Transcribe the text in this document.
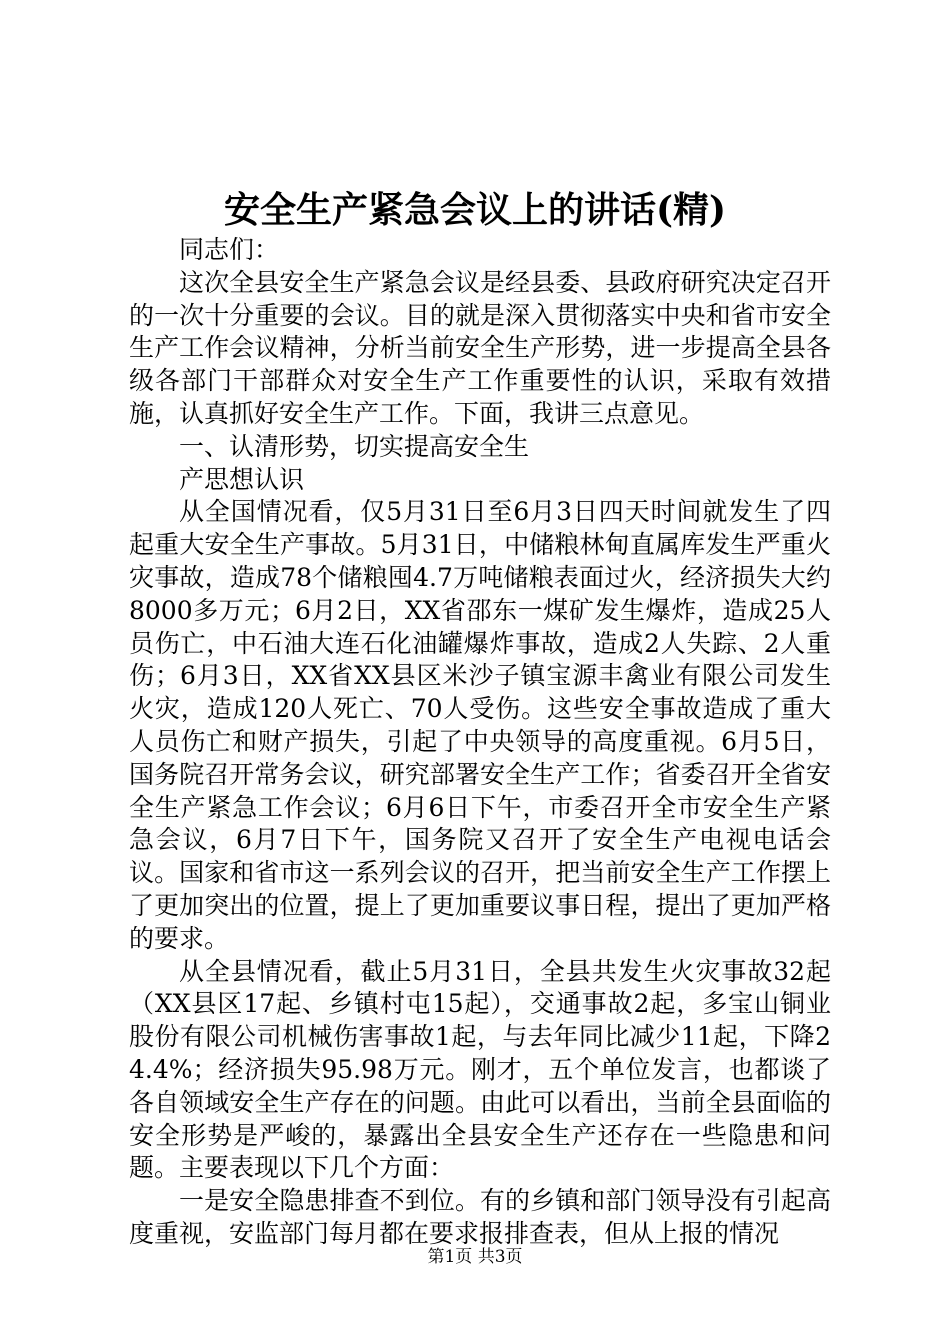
安全生产紧急会议上的讲话(精)

同志们：

这次全县安全生产紧急会议是经县委、县政府研究决定召开的一次十分重要的会议。目的就是深入贯彻落实中央和省市安全生产工作会议精神，分析当前安全生产形势，进一步提高全县各级各部门干部群众对安全生产工作重要性的认识，采取有效措施，认真抓好安全生产工作。下面，我讲三点意见。

一、认清形势，切实提高安全生

产思想认识

从全国情况看，仅5月31日至6月3日四天时间就发生了四起重大安全生产事故。5月31日，中储粮林甸直属库发生严重火灾事故，造成78个储粮囤4.7万吨储粮表面过火，经济损失大约8000多万元；6月2日，XX省邵东一煤矿发生爆炸，造成25人员伤亡，中石油大连石化油罐爆炸事故，造成2人失踪、2人重伤；6月3日，XX省XX县区米沙子镇宝源丰禽业有限公司发生火灾，造成120人死亡、70人受伤。这些安全事故造成了重大人员伤亡和财产损失，引起了中央领导的高度重视。6月5日，国务院召开常务会议，研究部署安全生产工作；省委召开全省安全生产紧急工作会议；6月6日下午，市委召开全市安全生产紧急会议，6月7日下午，国务院又召开了安全生产电视电话会议。国家和省市这一系列会议的召开，把当前安全生产工作摆上了更加突出的位置，提上了更加重要议事日程，提出了更加严格的要求。

从全县情况看，截止5月31日，全县共发生火灾事故32起（XX县区17起、乡镇村屯15起），交通事故2起，多宝山铜业股份有限公司机械伤害事故1起，与去年同比减少11起，下降24.4%；经济损失95.98万元。刚才，五个单位发言，也都谈了各自领域安全生产存在的问题。由此可以看出，当前全县面临的安全形势是严峻的，暴露出全县安全生产还存在一些隐患和问题。主要表现以下几个方面：

一是安全隐患排查不到位。有的乡镇和部门领导没有引起高度重视，安监部门每月都在要求报排查表，但从上报的情况

第1页 共3页
